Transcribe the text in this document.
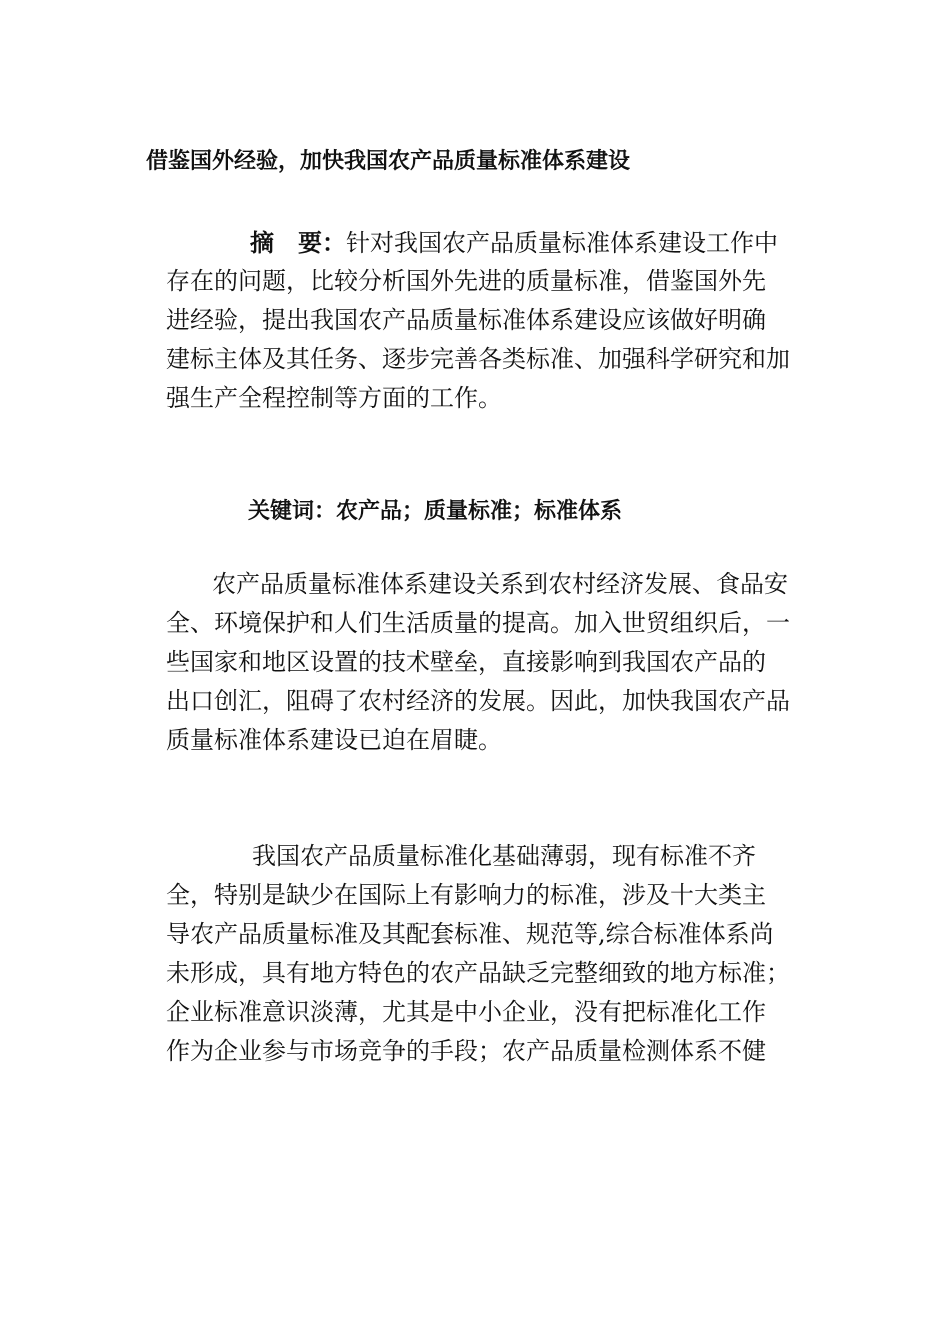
借鉴国外经验，加快我国农产品质量标准体系建设
摘　要：针对我国农产品质量标准体系建设工作中
存在的问题，比较分析国外先进的质量标准，借鉴国外先
进经验，提出我国农产品质量标准体系建设应该做好明确
建标主体及其任务、逐步完善各类标准、加强科学研究和加
强生产全程控制等方面的工作。
关键词：农产品；质量标准；标准体系
农产品质量标准体系建设关系到农村经济发展、食品安
全、环境保护和人们生活质量的提高。加入世贸组织后，一
些国家和地区设置的技术壁垒，直接影响到我国农产品的
出口创汇，阻碍了农村经济的发展。因此，加快我国农产品
质量标准体系建设已迫在眉睫。
我国农产品质量标准化基础薄弱，现有标准不齐
全，特别是缺少在国际上有影响力的标准，涉及十大类主
导农产品质量标准及其配套标准、规范等,综合标准体系尚
未形成，具有地方特色的农产品缺乏完整细致的地方标准；
企业标准意识淡薄，尤其是中小企业，没有把标准化工作
作为企业参与市场竞争的手段；农产品质量检测体系不健
